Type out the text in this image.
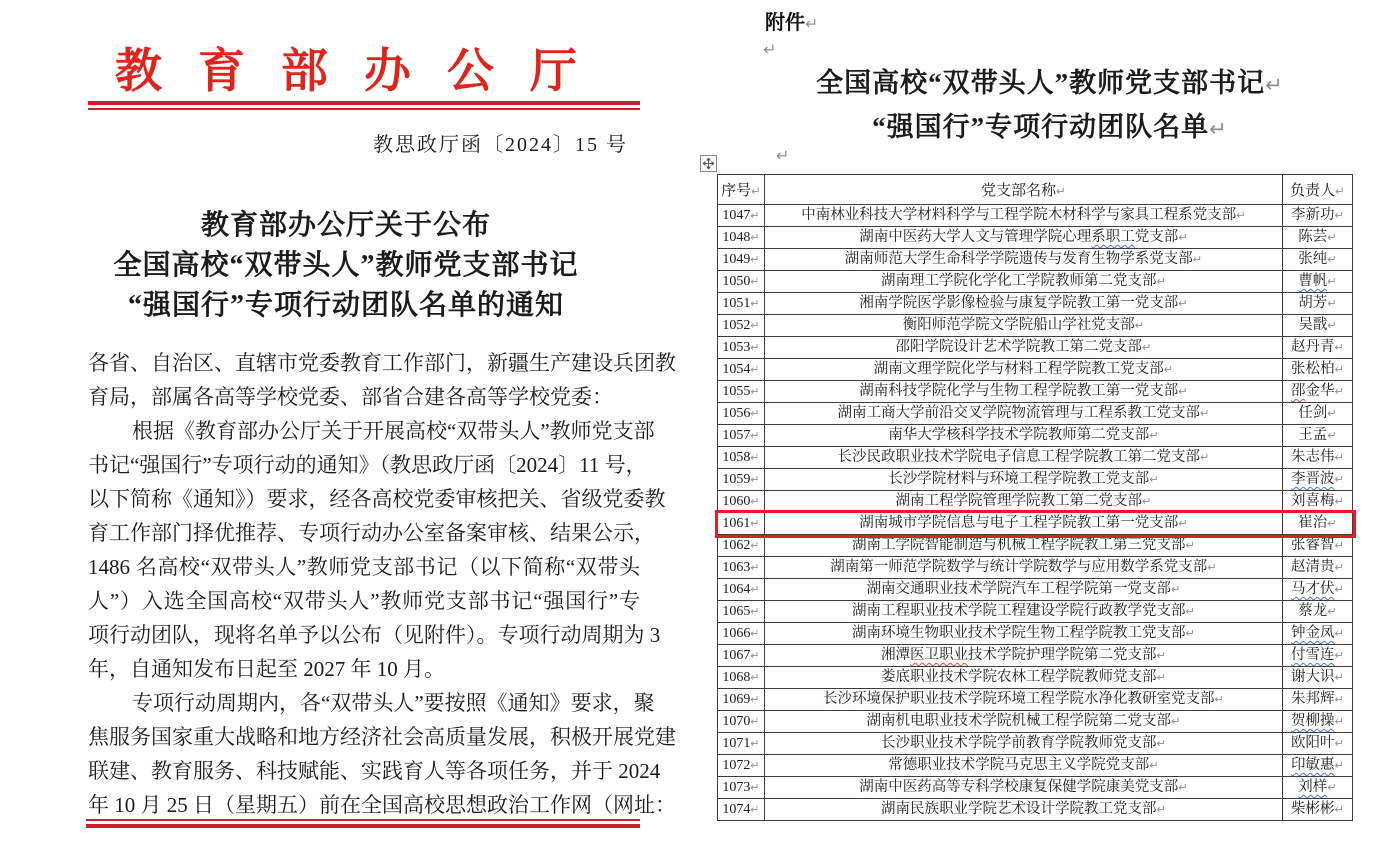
教育部办公厅
教思政厅函〔2024〕15 号
教育部办公厅关于公布
全国高校“双带头人”教师党支部书记
“强国行”专项行动团队名单的通知
各省、自治区、直辖市党委教育工作部门，新疆生产建设兵团教
育局，部属各高等学校党委、部省合建各高等学校党委：
根据《教育部办公厅关于开展高校“双带头人”教师党支部
书记“强国行”专项行动的通知》（教思政厅函〔2024〕11 号，
以下简称《通知》）要求，经各高校党委审核把关、省级党委教
育工作部门择优推荐、专项行动办公室备案审核、结果公示，
1486 名高校“双带头人”教师党支部书记（以下简称“双带头
人”）入选全国高校“双带头人”教师党支部书记“强国行”专
项行动团队，现将名单予以公布（见附件）。专项行动周期为 3
年，自通知发布日起至 2027 年 10 月。
专项行动周期内，各“双带头人”要按照《通知》要求，聚
焦服务国家重大战略和地方经济社会高质量发展，积极开展党建
联建、教育服务、科技赋能、实践育人等各项任务，并于 2024
年 10 月 25 日（星期五）前在全国高校思想政治工作网（网址：
附件↵
↵
全国高校“双带头人”教师党支部书记↵
“强国行”专项行动团队名单↵
↵
序号↵	党支部名称↵	负责人↵
1047↵	中南林业科技大学材料科学与工程学院木材科学与家具工程系党支部↵	李新功↵
1048↵	湖南中医药大学人文与管理学院心理系职工党支部↵	陈芸↵
1049↵	湖南师范大学生命科学学院遗传与发育生物学系党支部↵	张纯↵
1050↵	湖南理工学院化学化工学院教师第二党支部↵	曹帆↵
1051↵	湘南学院医学影像检验与康复学院教工第一党支部↵	胡芳↵
1052↵	衡阳师范学院文学院船山学社党支部↵	吴戬↵
1053↵	邵阳学院设计艺术学院教工第二党支部↵	赵丹青↵
1054↵	湖南文理学院化学与材料工程学院教工党支部↵	张松柏↵
1055↵	湖南科技学院化学与生物工程学院教工第一党支部↵	邵金华↵
1056↵	湖南工商大学前沿交叉学院物流管理与工程系教工党支部↵	任剑↵
1057↵	南华大学核科学技术学院教师第二党支部↵	王孟↵
1058↵	长沙民政职业技术学院电子信息工程学院教工第二党支部↵	朱志伟↵
1059↵	长沙学院材料与环境工程学院教工党支部↵	李晋波↵
1060↵	湖南工程学院管理学院教工第二党支部↵	刘喜梅↵
1061↵	湖南城市学院信息与电子工程学院教工第一党支部↵	崔治↵
1062↵	湖南工学院智能制造与机械工程学院教工第三党支部↵	张睿智↵
1063↵	湖南第一师范学院数学与统计学院数学与应用数学系党支部↵	赵清贵↵
1064↵	湖南交通职业技术学院汽车工程学院第一党支部↵	马才伏↵
1065↵	湖南工程职业技术学院工程建设学院行政教学党支部↵	蔡龙↵
1066↵	湖南环境生物职业技术学院生物工程学院教工党支部↵	钟金凤↵
1067↵	湘潭医卫职业技术学院护理学院第二党支部↵	付雪连↵
1068↵	娄底职业技术学院农林工程学院教师党支部↵	谢大识↵
1069↵	长沙环境保护职业技术学院环境工程学院水净化教研室党支部↵	朱邦辉↵
1070↵	湖南机电职业技术学院机械工程学院第二党支部↵	贺柳操↵
1071↵	长沙职业技术学院学前教育学院教师党支部↵	欧阳叶↵
1072↵	常德职业技术学院马克思主义学院党支部↵	印敏惠↵
1073↵	湖南中医药高等专科学校康复保健学院康美党支部↵	刘样↵
1074↵	湖南民族职业学院艺术设计学院教工党支部↵	柴彬彬↵
